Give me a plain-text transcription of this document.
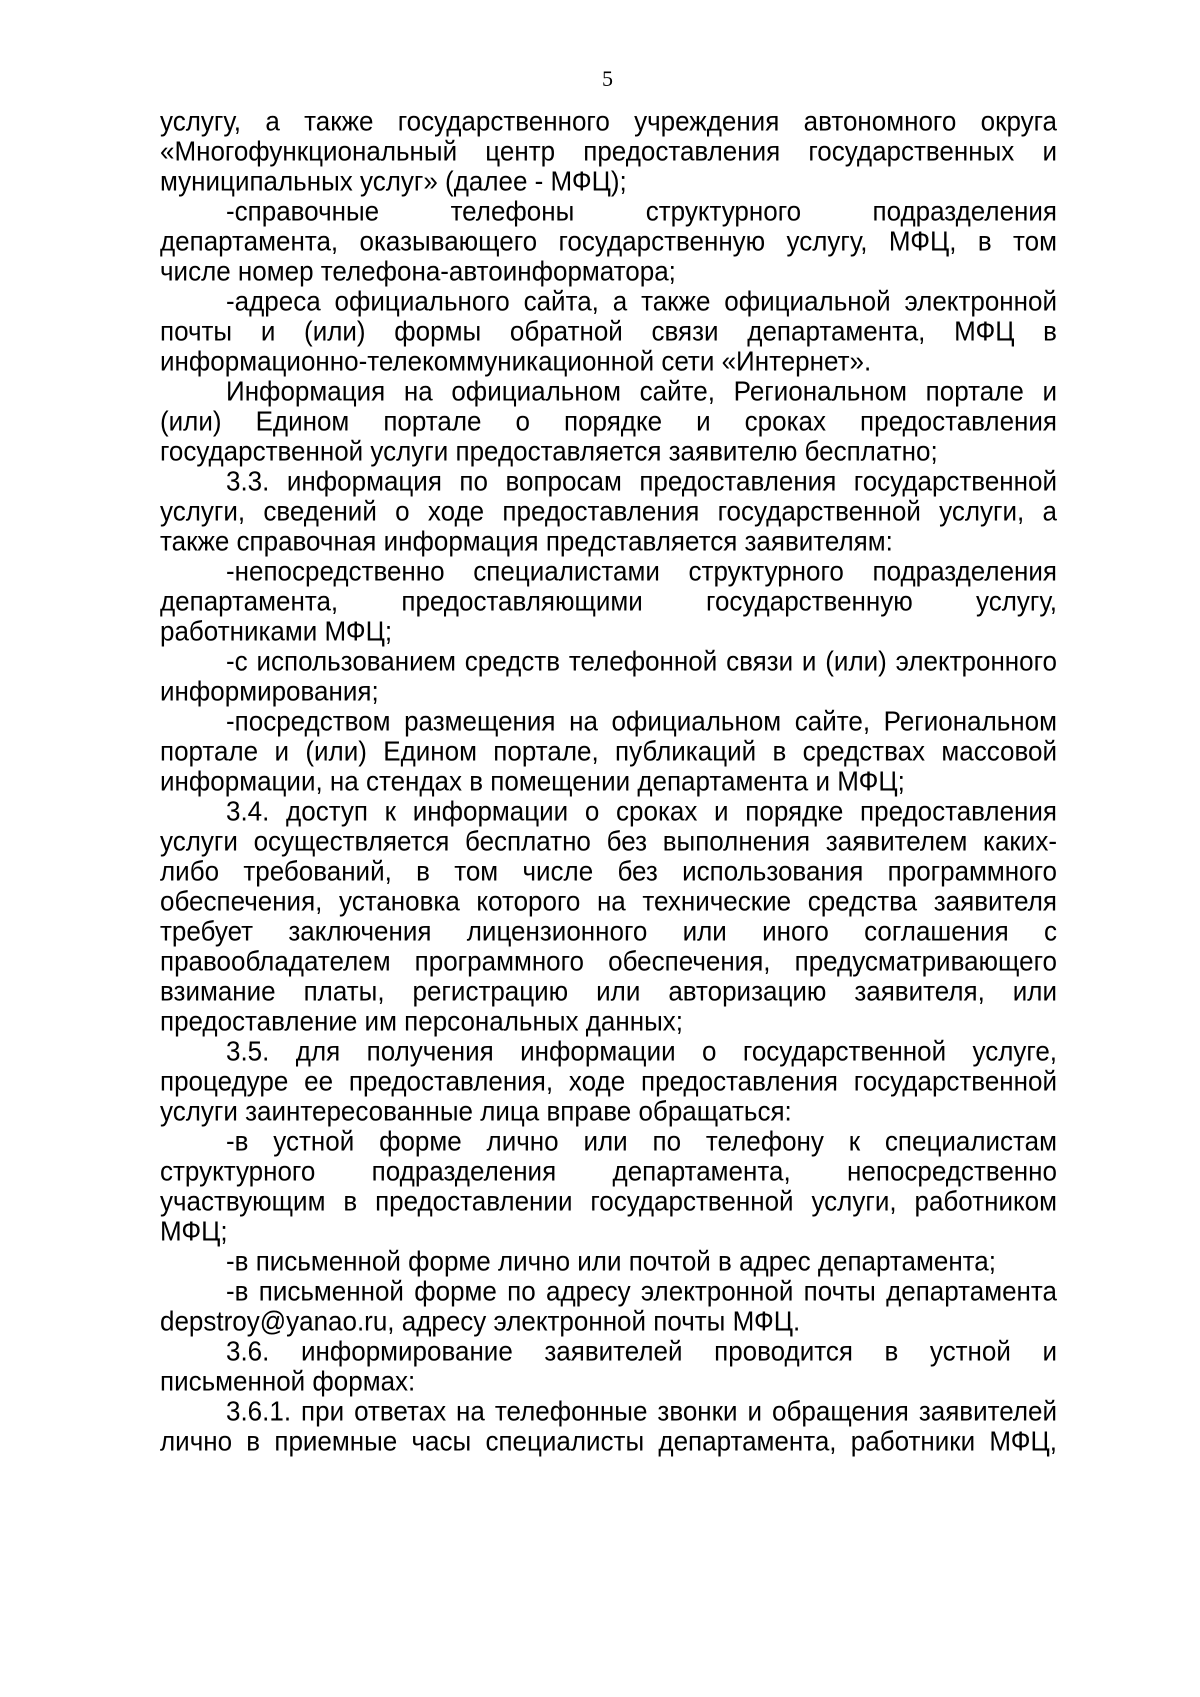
5
услугу, а также государственного учреждения автономного округа
«Многофункциональный центр предоставления государственных и
муниципальных услуг» (далее - МФЦ);
-справочные телефоны структурного подразделения
департамента, оказывающего государственную услугу, МФЦ, в том
числе номер телефона-автоинформатора;
-адреса официального сайта, а также официальной электронной
почты и (или) формы обратной связи департамента, МФЦ в
информационно-телекоммуникационной сети «Интернет».
Информация на официальном сайте, Региональном портале и
(или) Едином портале о порядке и сроках предоставления
государственной услуги предоставляется заявителю бесплатно;
3.3. информация по вопросам предоставления государственной
услуги, сведений о ходе предоставления государственной услуги, а
также справочная информация представляется заявителям:
-непосредственно специалистами структурного подразделения
департамента, предоставляющими государственную услугу,
работниками МФЦ;
-с использованием средств телефонной связи и (или) электронного
информирования;
-посредством размещения на официальном сайте, Региональном
портале и (или) Едином портале, публикаций в средствах массовой
информации, на стендах в помещении департамента и МФЦ;
3.4. доступ к информации о сроках и порядке предоставления
услуги осуществляется бесплатно без выполнения заявителем каких-
либо требований, в том числе без использования программного
обеспечения, установка которого на технические средства заявителя
требует заключения лицензионного или иного соглашения с
правообладателем программного обеспечения, предусматривающего
взимание платы, регистрацию или авторизацию заявителя, или
предоставление им персональных данных;
3.5. для получения информации о государственной услуге,
процедуре ее предоставления, ходе предоставления государственной
услуги заинтересованные лица вправе обращаться:
-в устной форме лично или по телефону к специалистам
структурного подразделения департамента, непосредственно
участвующим в предоставлении государственной услуги, работником
МФЦ;
-в письменной форме лично или почтой в адрес департамента;
-в письменной форме по адресу электронной почты департамента
depstroy@yanao.ru, адресу электронной почты МФЦ.
3.6. информирование заявителей проводится в устной и
письменной формах:
3.6.1. при ответах на телефонные звонки и обращения заявителей
лично в приемные часы специалисты департамента, работники МФЦ,
